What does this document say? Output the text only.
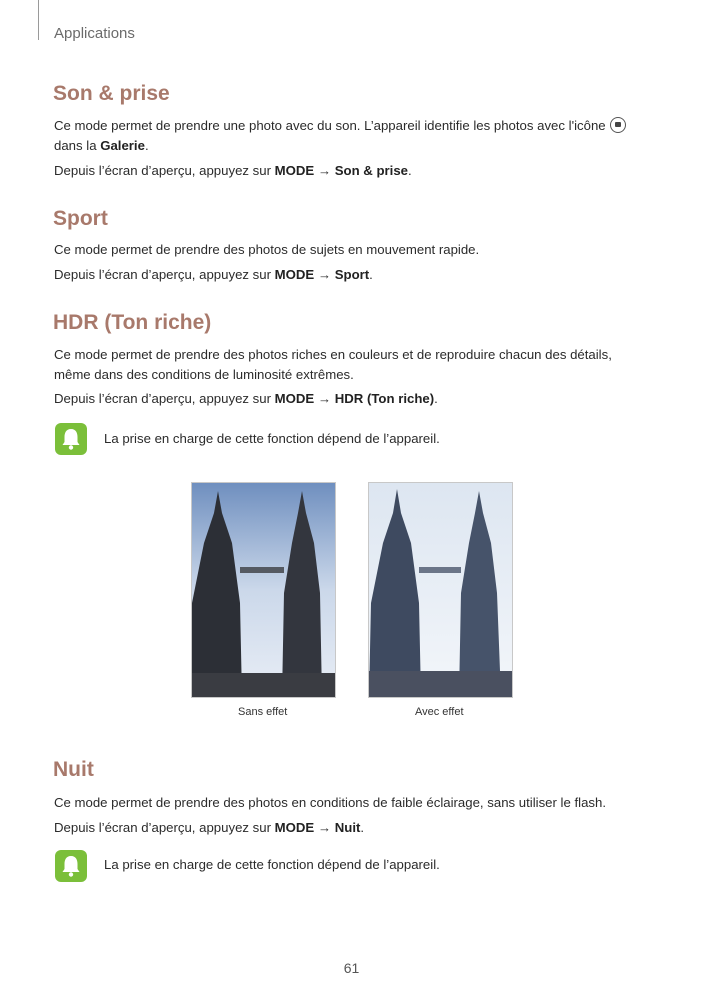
Applications
Son & prise
Ce mode permet de prendre une photo avec du son. L’appareil identifie les photos avec l'icône
dans la Galerie.
Depuis l’écran d’aperçu, appuyez sur MODE → Son & prise.
Sport
Ce mode permet de prendre des photos de sujets en mouvement rapide.
Depuis l’écran d’aperçu, appuyez sur MODE → Sport.
HDR (Ton riche)
Ce mode permet de prendre des photos riches en couleurs et de reproduire chacun des détails,
même dans des conditions de luminosité extrêmes.
Depuis l’écran d’aperçu, appuyez sur MODE → HDR (Ton riche).
La prise en charge de cette fonction dépend de l’appareil.
Sans effet	Avec effet
Nuit
Ce mode permet de prendre des photos en conditions de faible éclairage, sans utiliser le flash.
Depuis l’écran d’aperçu, appuyez sur MODE → Nuit.
La prise en charge de cette fonction dépend de l’appareil.
61
